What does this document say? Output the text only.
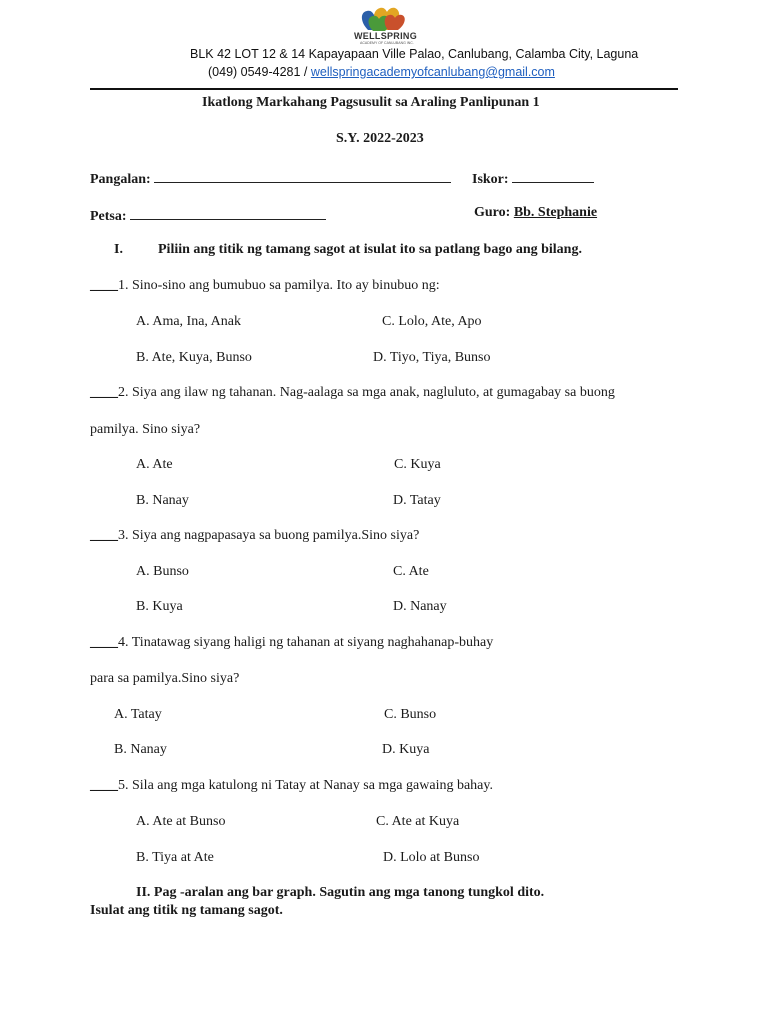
WELLSPRING
ACADEMY OF CANLUBANG INC.
BLK 42 LOT 12 & 14 Kapayapaan Ville Palao, Canlubang, Calamba City, Laguna
(049) 0549-4281 / wellspringacademyofcanlubang@gmail.com
Ikatlong Markahang Pagsusulit sa Araling Panlipunan 1
S.Y. 2022-2023
Pangalan:	Iskor:
Petsa:	Guro: Bb. Stephanie
I.	Piliin ang titik ng tamang sagot at isulat ito sa patlang bago ang bilang.
____1. Sino-sino ang bumubuo sa pamilya. Ito ay binubuo ng:
A. Ama, Ina, Anak	C. Lolo, Ate, Apo
B. Ate, Kuya, Bunso	D. Tiyo, Tiya, Bunso
____2. Siya ang ilaw ng tahanan. Nag-aalaga sa mga anak, nagluluto, at gumagabay sa buong
pamilya. Sino siya?
A. Ate	C. Kuya
B. Nanay	D. Tatay
____3. Siya ang nagpapasaya sa buong pamilya.Sino siya?
A. Bunso	C. Ate
B. Kuya	D. Nanay
____4. Tinatawag siyang haligi ng tahanan at siyang naghahanap-buhay
para sa pamilya.Sino siya?
A. Tatay	C. Bunso
B. Nanay	D. Kuya
____5. Sila ang mga katulong ni Tatay at Nanay sa mga gawaing bahay.
A. Ate at Bunso	C. Ate at Kuya
B. Tiya at Ate	D. Lolo at Bunso
II. Pag -aralan ang bar graph. Sagutin ang mga tanong tungkol dito.
Isulat ang titik ng tamang sagot.
